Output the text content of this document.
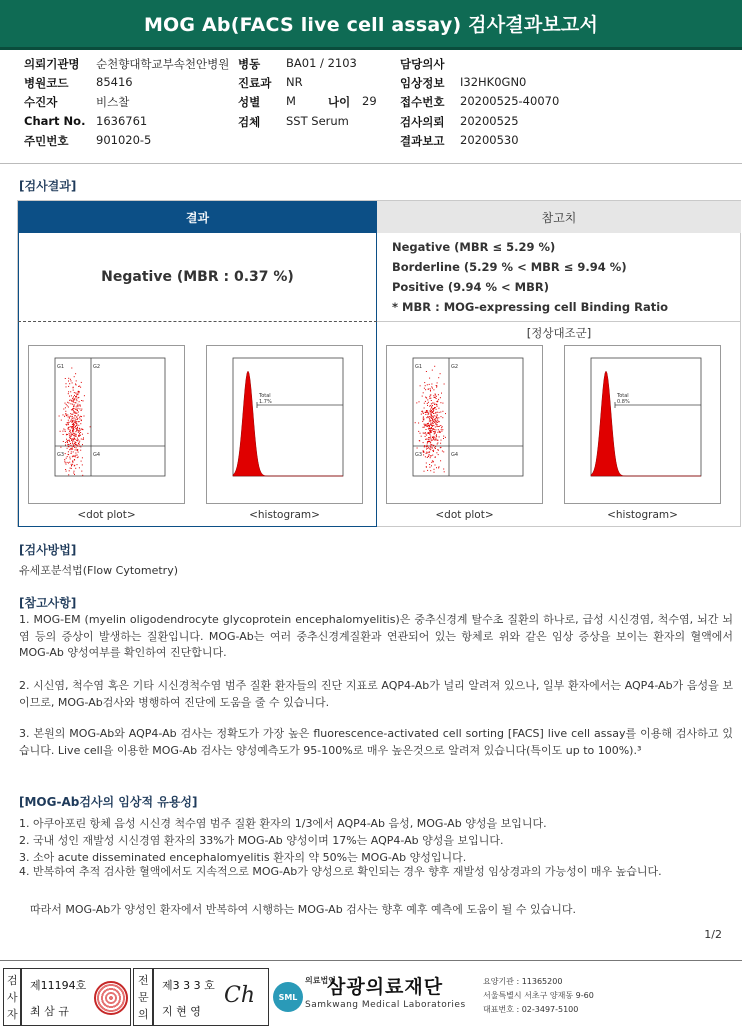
MOG Ab(FACS live cell assay) 검사결과보고서
의뢰기관명 순천향대학교부속천안병원 병동 BA01 / 2103	담당의사
병원코드 85416	진료과 NR	임상정보 I32HK0GN0
수진자	비스찰	성별 M	나이 29 접수번호 20200525-40070
Chart No. 1636761	검체 SST Serum	검사의뢰 20200525
주민번호 901020-5	결과보고 20200530
[검사결과]
결과	참고치
Negative (MBR : 0.37 %)
Negative (MBR ≤ 5.29 %)
Borderline (5.29 % < MBR ≤ 9.94 %)
Positive (9.94 % < MBR)
* MBR : MOG-expressing cell Binding Ratio
[정상대조군]
G1	G2
G3	G4
<dot plot>
Total
1.7%
<histogram>
G1	G2
G3	G4
<dot plot>
Total
0.8%
<histogram>
[검사방법]
유세포분석법(Flow Cytometry)
[참고사항]
1. MOG-EM (myelin oligodendrocyte glycoprotein encephalomyelitis)은 중추신경계 탈수초 질환의 하나로, 급성 시신경염, 척수염, 뇌간 뇌염 등의 증상이 발생하는 질환입니다. MOG-Ab는 여러 중추신경계질환과 연관되어 있는 항체로 위와 같은 임상 증상을 보이는 환자의 혈액에서 MOG-Ab 양성여부를 확인하여 진단합니다.
2. 시신염, 척수염 혹은 기타 시신경척수염 범주 질환 환자들의 진단 지표로 AQP4-Ab가 널리 알려져 있으나, 일부 환자에서는 AQP4-Ab가 음성을 보이므로, MOG-Ab검사와 병행하여 진단에 도움을 줄 수 있습니다.
3. 본원의 MOG-Ab와 AQP4-Ab 검사는 정확도가 가장 높은 fluorescence-activated cell sorting [FACS] live cell assay를 이용해 검사하고 있습니다. Live cell을 이용한 MOG-Ab 검사는 양성예측도가 95-100%로 매우 높은것으로 알려져 있습니다(특이도 up to 100%).³
[MOG-Ab검사의 임상적 유용성]
1. 아쿠아포린 항체 음성 시신경 척수염 범주 질환 환자의 1/3에서 AQP4-Ab 음성, MOG-Ab 양성을 보입니다.
2. 국내 성인 재발성 시신경염 환자의 33%가 MOG-Ab 양성이며 17%는 AQP4-Ab 양성을 보입니다.
3. 소아 acute disseminated encephalomyelitis 환자의 약 50%는 MOG-Ab 양성입니다.
4. 반복하여 추적 검사한 혈액에서도 지속적으로 MOG-Ab가 양성으로 확인되는 경우 향후 재발성 임상경과의 가능성이 매우 높습니다.
따라서 MOG-Ab가 양성인 환자에서 반복하여 시행하는 MOG-Ab 검사는 향후 예후 예측에 도움이 될 수 있습니다.
1/2
검사자
제11194호
최 삼 규
전문의
제3 3 3 호
지 현 영
Ch	SML
의료법인
삼광의료재단
Samkwang Medical Laboratories
요양기관 : 11365200
서울특별시 서초구 양재동 9-60
대표번호 : 02-3497-5100
